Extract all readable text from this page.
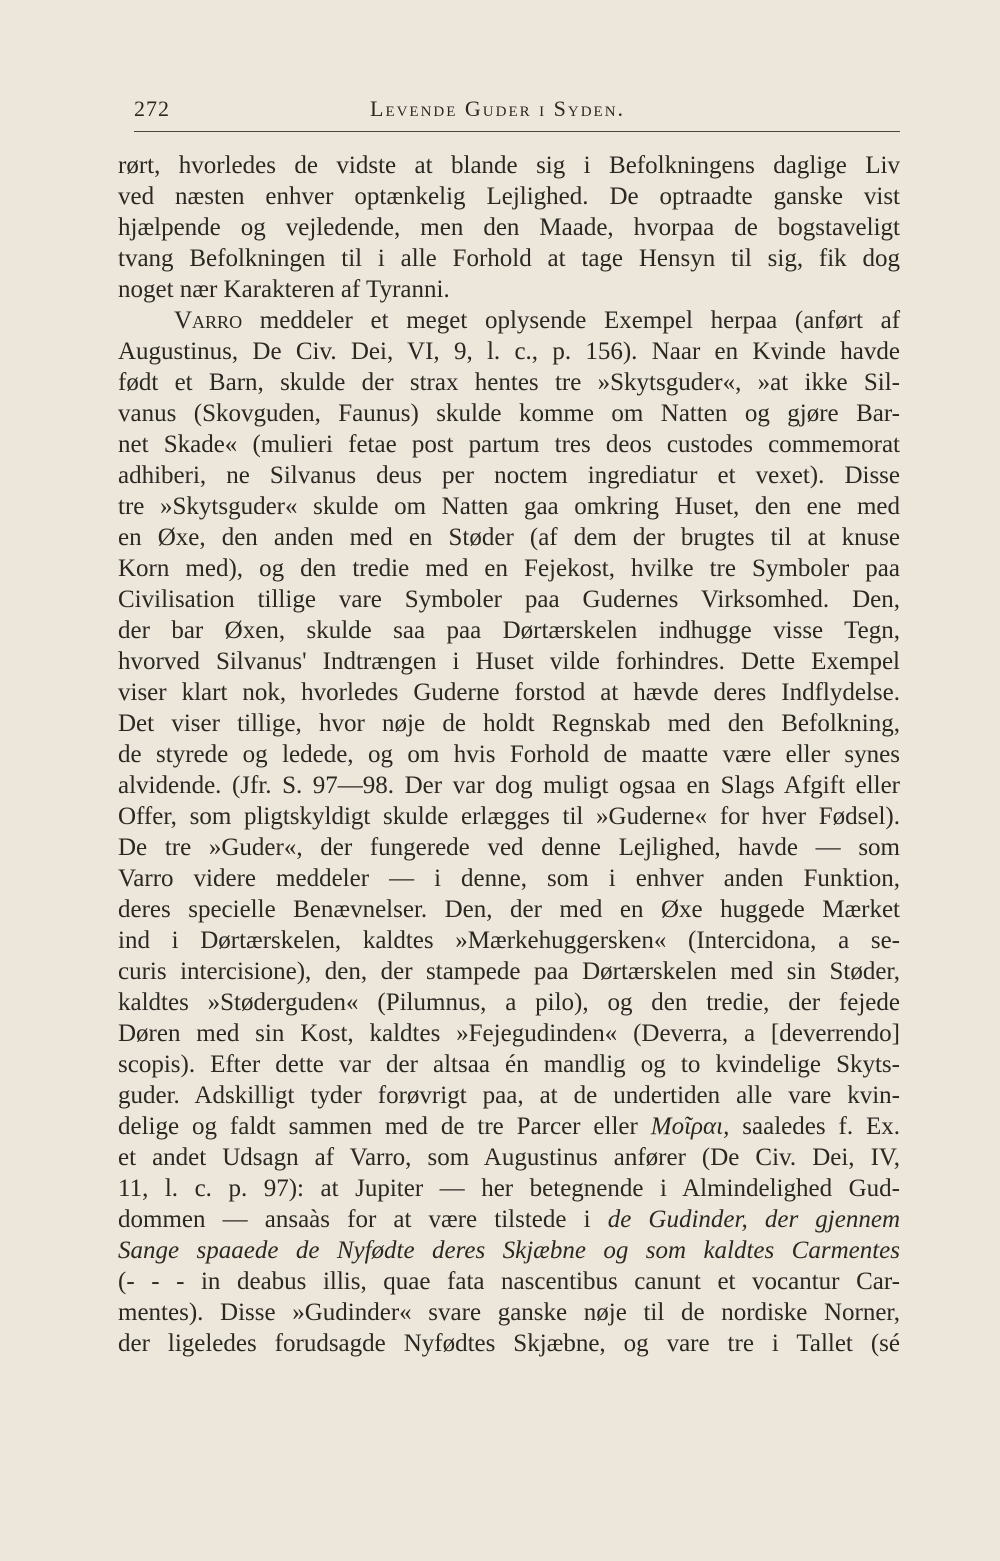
272	Levende Guder i Syden.
rørt, hvorledes de vidste at blande sig i Befolkningens daglige Liv
ved næsten enhver optænkelig Lejlighed. De optraadte ganske vist
hjælpende og vejledende, men den Maade, hvorpaa de bogstaveligt
tvang Befolkningen til i alle Forhold at tage Hensyn til sig, fik dog
noget nær Karakteren af Tyranni.
Varro meddeler et meget oplysende Exempel herpaa (anført af
Augustinus, De Civ. Dei, VI, 9, l. c., p. 156). Naar en Kvinde havde
født et Barn, skulde der strax hentes tre »Skytsguder«, »at ikke Sil-
vanus (Skovguden, Faunus) skulde komme om Natten og gjøre Bar-
net Skade« (mulieri fetae post partum tres deos custodes commemorat
adhiberi, ne Silvanus deus per noctem ingrediatur et vexet). Disse
tre »Skytsguder« skulde om Natten gaa omkring Huset, den ene med
en Øxe, den anden med en Støder (af dem der brugtes til at knuse
Korn med), og den tredie med en Fejekost, hvilke tre Symboler paa
Civilisation tillige vare Symboler paa Gudernes Virksomhed. Den,
der bar Øxen, skulde saa paa Dørtærskelen indhugge visse Tegn,
hvorved Silvanus' Indtrængen i Huset vilde forhindres. Dette Exempel
viser klart nok, hvorledes Guderne forstod at hævde deres Indflydelse.
Det viser tillige, hvor nøje de holdt Regnskab med den Befolkning,
de styrede og ledede, og om hvis Forhold de maatte være eller synes
alvidende. (Jfr. S. 97—98. Der var dog muligt ogsaa en Slags Afgift eller
Offer, som pligtskyldigt skulde erlægges til »Guderne« for hver Fødsel).
De tre »Guder«, der fungerede ved denne Lejlighed, havde — som
Varro videre meddeler — i denne, som i enhver anden Funktion,
deres specielle Benævnelser. Den, der med en Øxe huggede Mærket
ind i Dørtærskelen, kaldtes »Mærkehuggersken« (Intercidona, a se-
curis intercisione), den, der stampede paa Dørtærskelen med sin Støder,
kaldtes »Støderguden« (Pilumnus, a pilo), og den tredie, der fejede
Døren med sin Kost, kaldtes »Fejegudinden« (Deverra, a [deverrendo]
scopis). Efter dette var der altsaa én mandlig og to kvindelige Skyts-
guder. Adskilligt tyder forøvrigt paa, at de undertiden alle vare kvin-
delige og faldt sammen med de tre Parcer eller Μοῖραι, saaledes f. Ex.
et andet Udsagn af Varro, som Augustinus anfører (De Civ. Dei, IV,
11, l. c. p. 97): at Jupiter — her betegnende i Almindelighed Gud-
dommen — ansaàs for at være tilstede i de Gudinder, der gjennem
Sange spaaede de Nyfødte deres Skjæbne og som kaldtes Carmentes
(- - - in deabus illis, quae fata nascentibus canunt et vocantur Car-
mentes). Disse »Gudinder« svare ganske nøje til de nordiske Norner,
der ligeledes forudsagde Nyfødtes Skjæbne, og vare tre i Tallet (sé
